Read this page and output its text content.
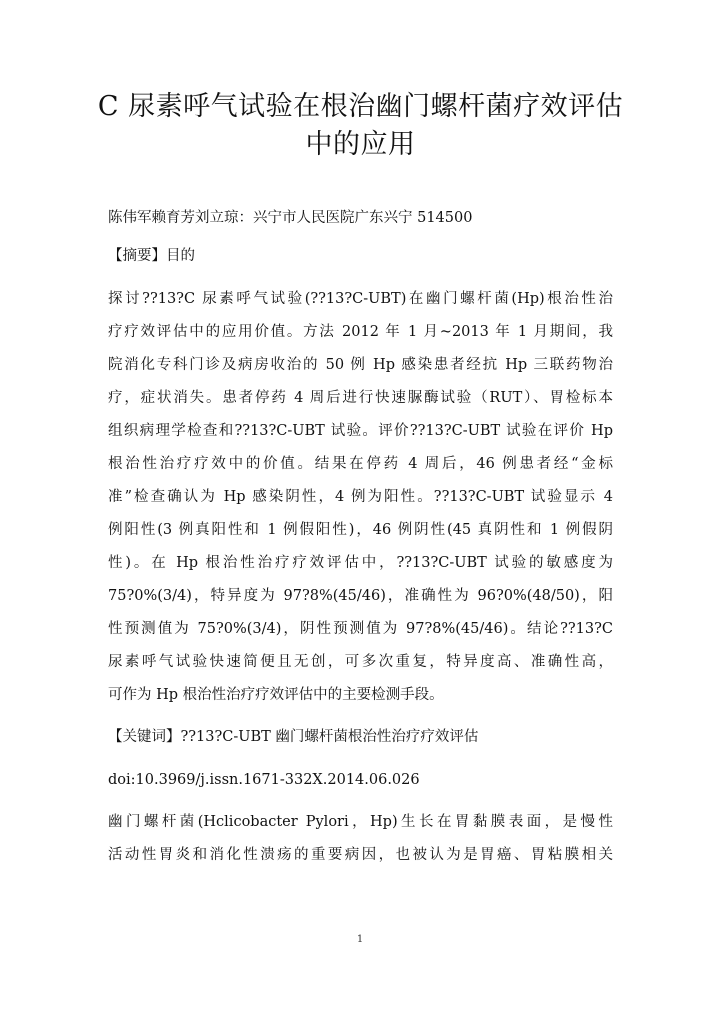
C 尿素呼气试验在根治幽门螺杆菌疗效评估
中的应用
陈伟军赖育芳刘立琼：兴宁市人民医院广东兴宁 514500
【摘要】目的
探讨??13?C 尿素呼气试验(??13?C-UBT)在幽门螺杆菌(Hp)根治性治
疗疗效评估中的应用价值。方法 2012 年 1 月~2013 年 1 月期间，我
院消化专科门诊及病房收治的 50 例 Hp 感染患者经抗 Hp 三联药物治
疗，症状消失。患者停药 4 周后进行快速脲酶试验（RUT）、胃检标本
组织病理学检查和??13?C-UBT 试验。评价??13?C-UBT 试验在评价 Hp
根治性治疗疗效中的价值。结果在停药 4 周后，46 例患者经“金标
准”检查确认为 Hp 感染阴性，4 例为阳性。??13?C-UBT 试验显示 4
例阳性(3 例真阳性和 1 例假阳性)，46 例阴性(45 真阴性和 1 例假阴
性)。在 Hp 根治性治疗疗效评估中，??13?C-UBT 试验的敏感度为
75?0%(3/4)，特异度为 97?8%(45/46)，准确性为 96?0%(48/50)，阳
性预测值为 75?0%(3/4)，阴性预测值为 97?8%(45/46)。结论??13?C
尿素呼气试验快速简便且无创，可多次重复，特异度高、准确性高，
可作为 Hp 根治性治疗疗效评估中的主要检测手段。
【关键词】??13?C-UBT 幽门螺杆菌根治性治疗疗效评估
doi:10.3969/j.issn.1671-332X.2014.06.026
幽门螺杆菌(Hclicobacter Pylori，Hp)生长在胃黏膜表面，是慢性
活动性胃炎和消化性溃疡的重要病因，也被认为是胃癌、胃粘膜相关
1
